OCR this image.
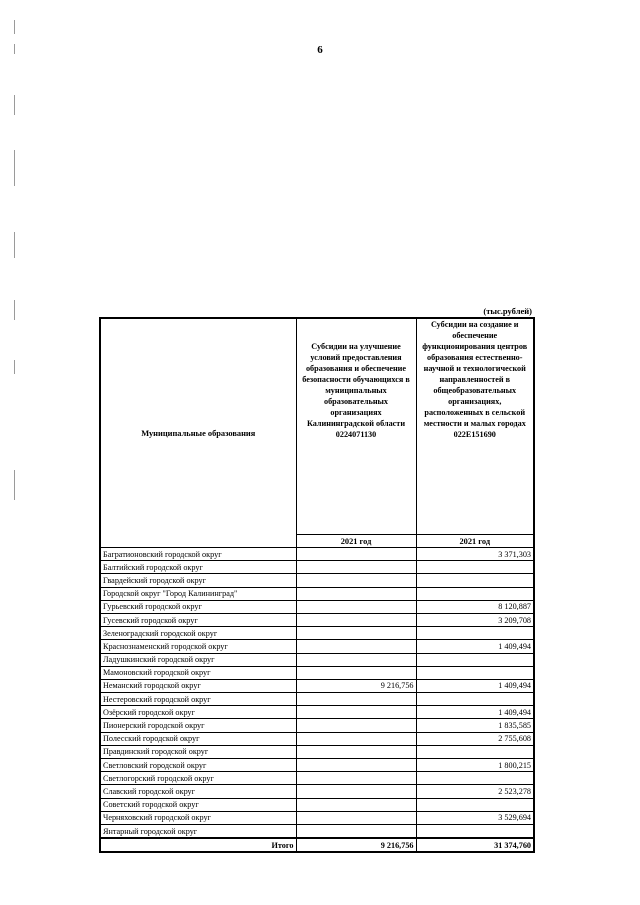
6
(тыс.рублей)
Муниципальные образования	Субсидии на улучшение условий предоставления образования и обеспечение безопасности обучающихся в муниципальных образовательных организациях Калининградской области 0224071130	Субсидии на создание и обеспечение функционирования центров образования естественно-научной и технологической направленностей в общеобразовательных организациях, расположенных в сельской местности и малых городах 022Е151690
	2021 год	2021 год
Багратионовский городской округ		3 371,303
Балтийский городской округ		
Гвардейский городской округ		
Городской округ "Город Калининград"		
Гурьевский городской округ		8 120,887
Гусевский городской округ		3 209,708
Зеленоградский городской округ		
Краснознаменский городской округ		1 409,494
Ладушкинский городской округ		
Мамоновский городской округ		
Неманский городской округ	9 216,756	1 409,494
Нестеровский городской округ		
Озёрский городской округ		1 409,494
Пионерский городской округ		1 835,585
Полесский городской округ		2 755,608
Правдинский городской округ		
Светловский городской округ		1 800,215
Светлогорский городской округ		
Славский городской округ		2 523,278
Советский городской округ		
Черняховский городской округ		3 529,694
Янтарный городской округ		
Итого	9 216,756	31 374,760
